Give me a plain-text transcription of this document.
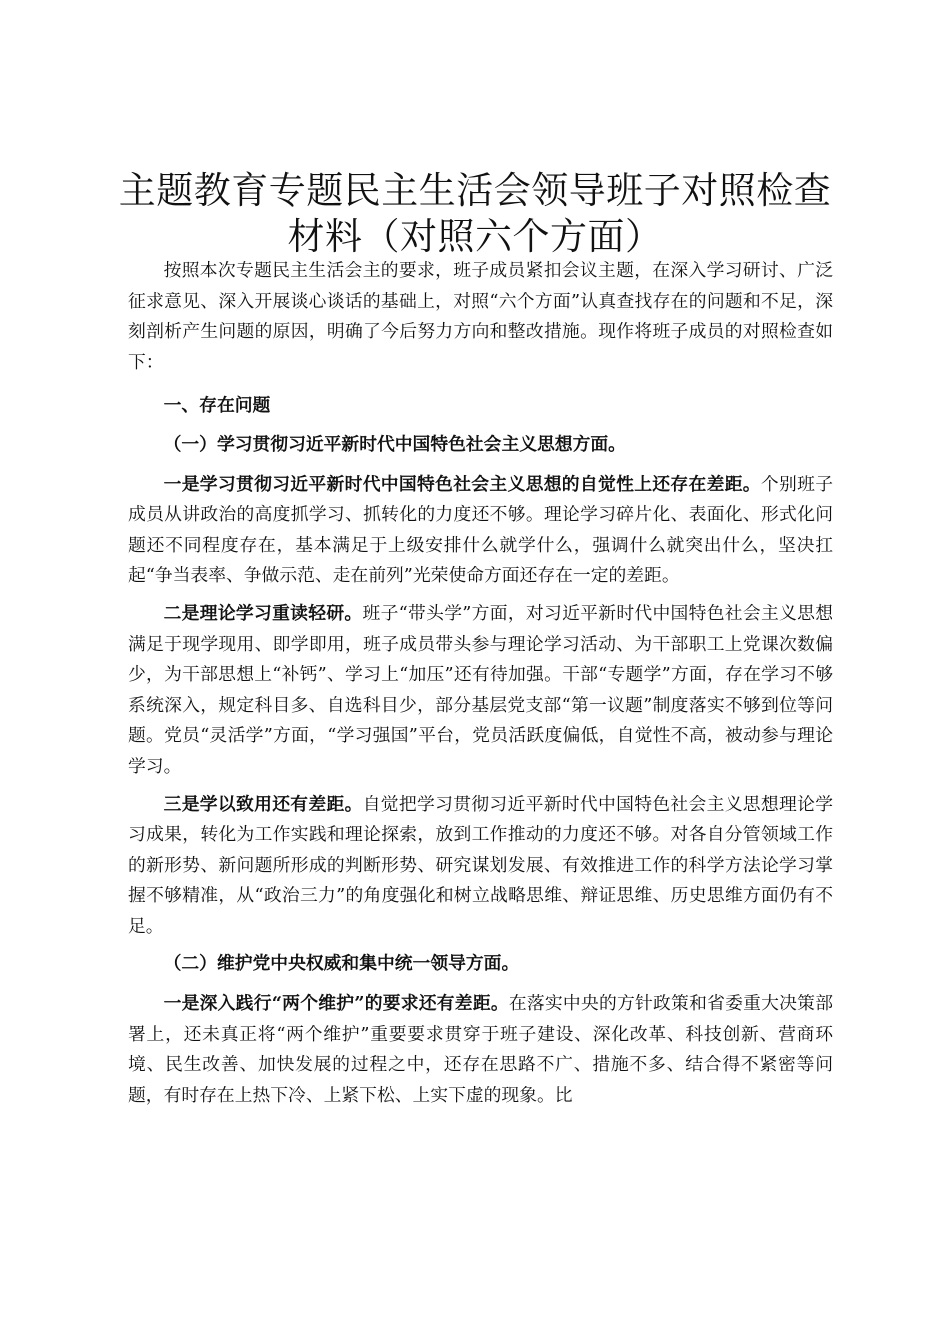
主题教育专题民主生活会领导班子对照检查材料（对照六个方面）

按照本次专题民主生活会主的要求，班子成员紧扣会议主题，在深入学习研讨、广泛征求意见、深入开展谈心谈话的基础上，对照“六个方面”认真查找存在的问题和不足，深刻剖析产生问题的原因，明确了今后努力方向和整改措施。现作将班子成员的对照检查如下：

一、存在问题

（一）学习贯彻习近平新时代中国特色社会主义思想方面。

一是学习贯彻习近平新时代中国特色社会主义思想的自觉性上还存在差距。个别班子成员从讲政治的高度抓学习、抓转化的力度还不够。理论学习碎片化、表面化、形式化问题还不同程度存在，基本满足于上级安排什么就学什么，强调什么就突出什么，坚决扛起“争当表率、争做示范、走在前列”光荣使命方面还存在一定的差距。

二是理论学习重读轻研。班子“带头学”方面，对习近平新时代中国特色社会主义思想满足于现学现用、即学即用，班子成员带头参与理论学习活动、为干部职工上党课次数偏少，为干部思想上“补钙”、学习上“加压”还有待加强。干部“专题学”方面，存在学习不够系统深入，规定科目多、自选科目少，部分基层党支部“第一议题”制度落实不够到位等问题。党员“灵活学”方面，“学习强国”平台，党员活跃度偏低，自觉性不高，被动参与理论学习。

三是学以致用还有差距。自觉把学习贯彻习近平新时代中国特色社会主义思想理论学习成果，转化为工作实践和理论探索，放到工作推动的力度还不够。对各自分管领域工作的新形势、新问题所形成的判断形势、研究谋划发展、有效推进工作的科学方法论学习掌握不够精准，从“政治三力”的角度强化和树立战略思维、辩证思维、历史思维方面仍有不足。

（二）维护党中央权威和集中统一领导方面。

一是深入践行“两个维护”的要求还有差距。在落实中央的方针政策和省委重大决策部署上，还未真正将“两个维护”重要要求贯穿于班子建设、深化改革、科技创新、营商环境、民生改善、加快发展的过程之中，还存在思路不广、措施不多、结合得不紧密等问题，有时存在上热下冷、上紧下松、上实下虚的现象。比
